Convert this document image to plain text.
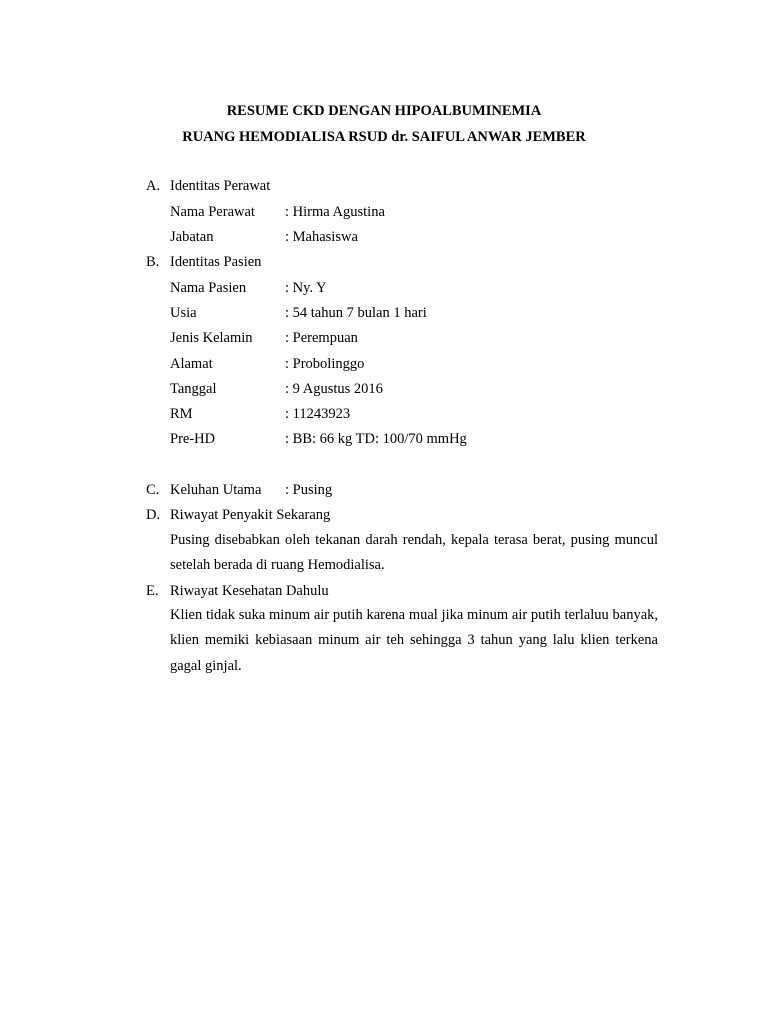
RESUME CKD DENGAN HIPOALBUMINEMIA
RUANG HEMODIALISA RSUD dr. SAIFUL ANWAR JEMBER
A. Identitas Perawat
Nama Perawat : Hirma Agustina
Jabatan	: Mahasiswa
B. Identitas Pasien
Nama Pasien	: Ny. Y
Usia	: 54 tahun 7 bulan 1 hari
Jenis Kelamin : Perempuan
Alamat	: Probolinggo
Tanggal	: 9 Agustus 2016
RM	: 11243923
Pre-HD	: BB: 66 kg TD: 100/70 mmHg
C. Keluhan Utama : Pusing
D. Riwayat Penyakit Sekarang
Pusing disebabkan oleh tekanan darah rendah, kepala terasa berat, pusing muncul setelah berada di ruang Hemodialisa.
E. Riwayat Kesehatan Dahulu
Klien tidak suka minum air putih karena mual jika minum air putih terlaluu banyak, klien memiki kebiasaan minum air teh sehingga 3 tahun yang lalu klien terkena gagal ginjal.
